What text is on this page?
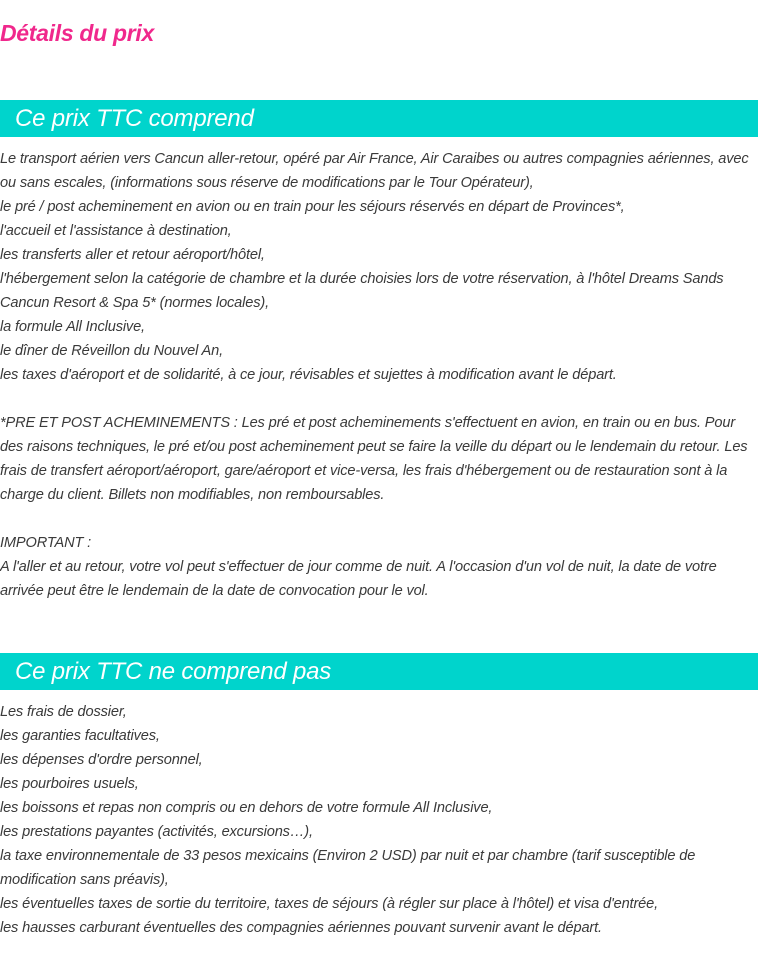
Détails du prix
Ce prix TTC comprend

Le transport aérien vers Cancun aller-retour, opéré par Air France, Air Caraibes ou autres compagnies aériennes, avec ou sans escales, (informations sous réserve de modifications par le Tour Opérateur),

le pré / post acheminement en avion ou en train pour les séjours réservés en départ de Provinces*,

l'accueil et l'assistance à destination,

les transferts aller et retour aéroport/hôtel,

l'hébergement selon la catégorie de chambre et la durée choisies lors de votre réservation, à l'hôtel Dreams Sands Cancun Resort & Spa 5* (normes locales),

la formule All Inclusive,

le dîner de Réveillon du Nouvel An,

les taxes d'aéroport et de solidarité, à ce jour, révisables et sujettes à modification avant le départ.

*PRE ET POST ACHEMINEMENTS : Les pré et post acheminements s'effectuent en avion, en train ou en bus. Pour des raisons techniques, le pré et/ou post acheminement peut se faire la veille du départ ou le lendemain du retour. Les frais de transfert aéroport/aéroport, gare/aéroport et vice-versa, les frais d'hébergement ou de restauration sont à la charge du client. Billets non modifiables, non remboursables.

IMPORTANT :

A l'aller et au retour, votre vol peut s'effectuer de jour comme de nuit. A l'occasion d'un vol de nuit, la date de votre arrivée peut être le lendemain de la date de convocation pour le vol.

Ce prix TTC ne comprend pas

Les frais de dossier,

les garanties facultatives,

les dépenses d'ordre personnel,

les pourboires usuels,

les boissons et repas non compris ou en dehors de votre formule All Inclusive,

les prestations payantes (activités, excursions…),

la taxe environnementale de 33 pesos mexicains (Environ 2 USD) par nuit et par chambre (tarif susceptible de modification sans préavis),

les éventuelles taxes de sortie du territoire, taxes de séjours (à régler sur place à l'hôtel) et visa d'entrée,

les hausses carburant éventuelles des compagnies aériennes pouvant survenir avant le départ.
